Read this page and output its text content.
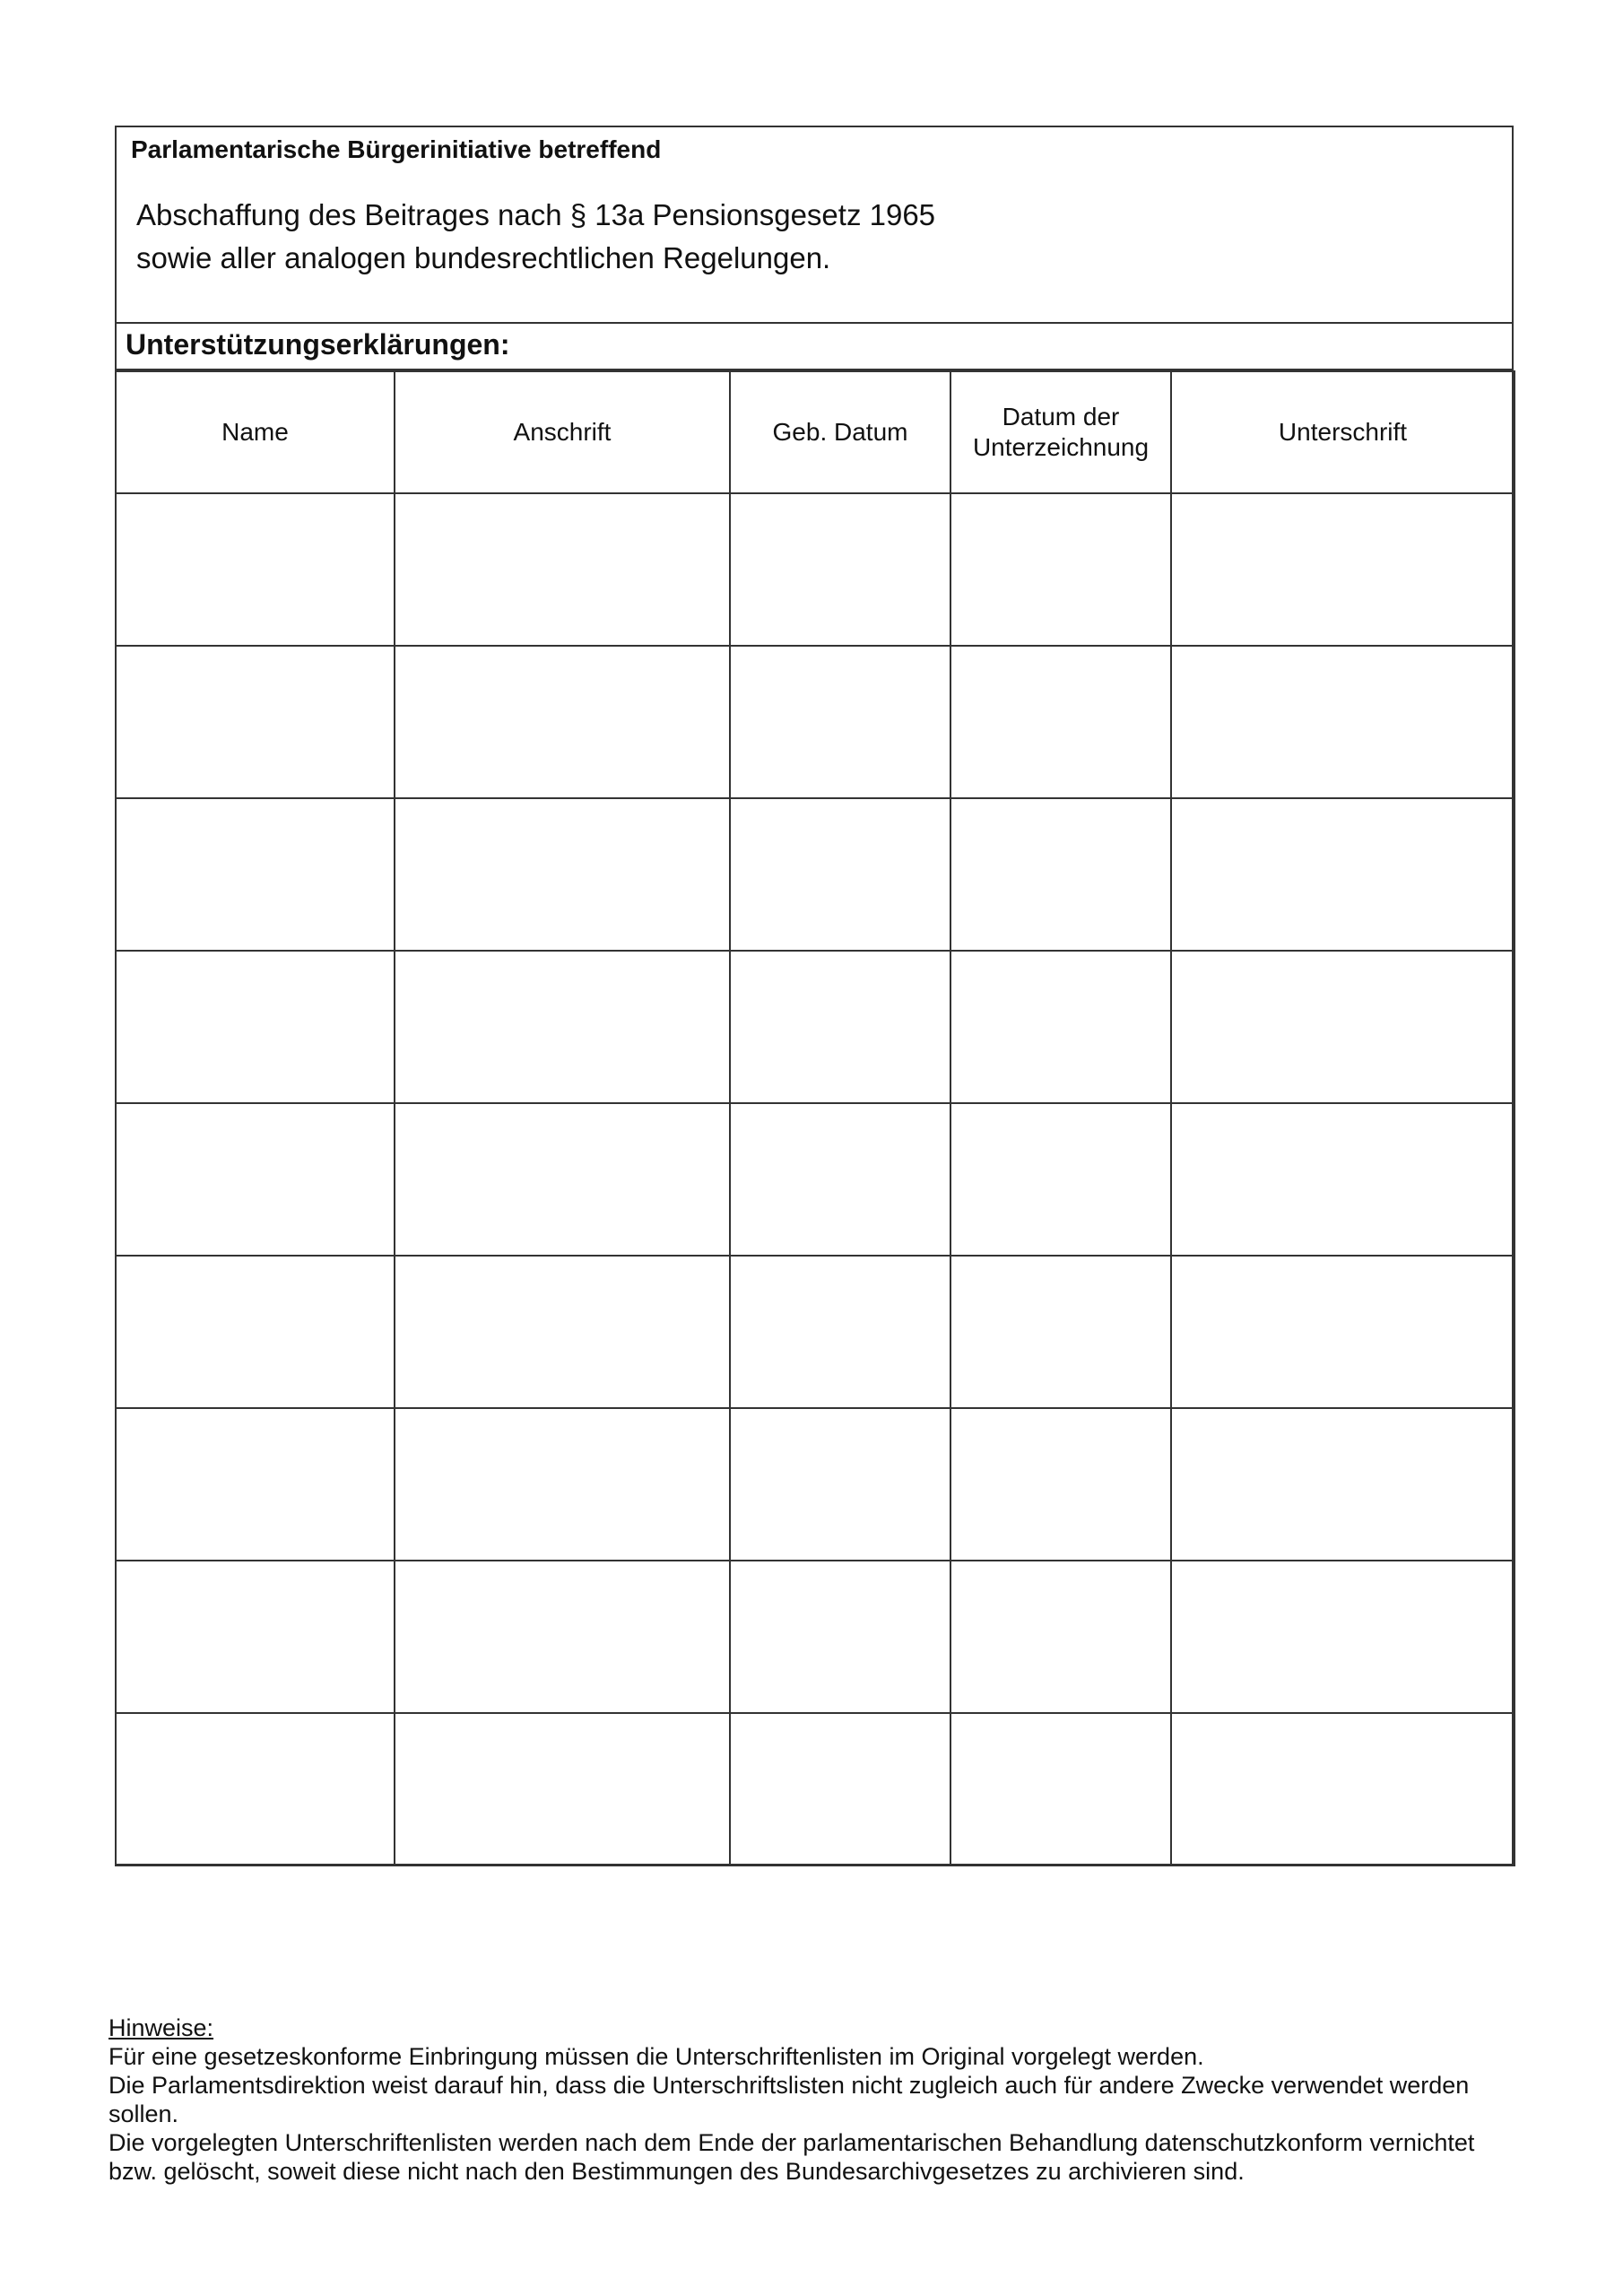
Parlamentarische Bürgerinitiative betreffend

Abschaffung des Beitrages nach § 13a Pensionsgesetz 1965
sowie aller analogen bundesrechtlichen Regelungen.

Unterstützungserklärungen:
Name	Anschrift	Geb. Datum	Datum der Unterzeichnung	Unterschrift

Hinweise:

Für eine gesetzeskonforme Einbringung müssen die Unterschriftenlisten im Original vorgelegt werden.

Die Parlamentsdirektion weist darauf hin, dass die Unterschriftslisten nicht zugleich auch für andere Zwecke verwendet werden sollen.

Die vorgelegten Unterschriftenlisten werden nach dem Ende der parlamentarischen Behandlung datenschutzkonform vernichtet bzw. gelöscht, soweit diese nicht nach den Bestimmungen des Bundesarchivgesetzes zu archivieren sind.
